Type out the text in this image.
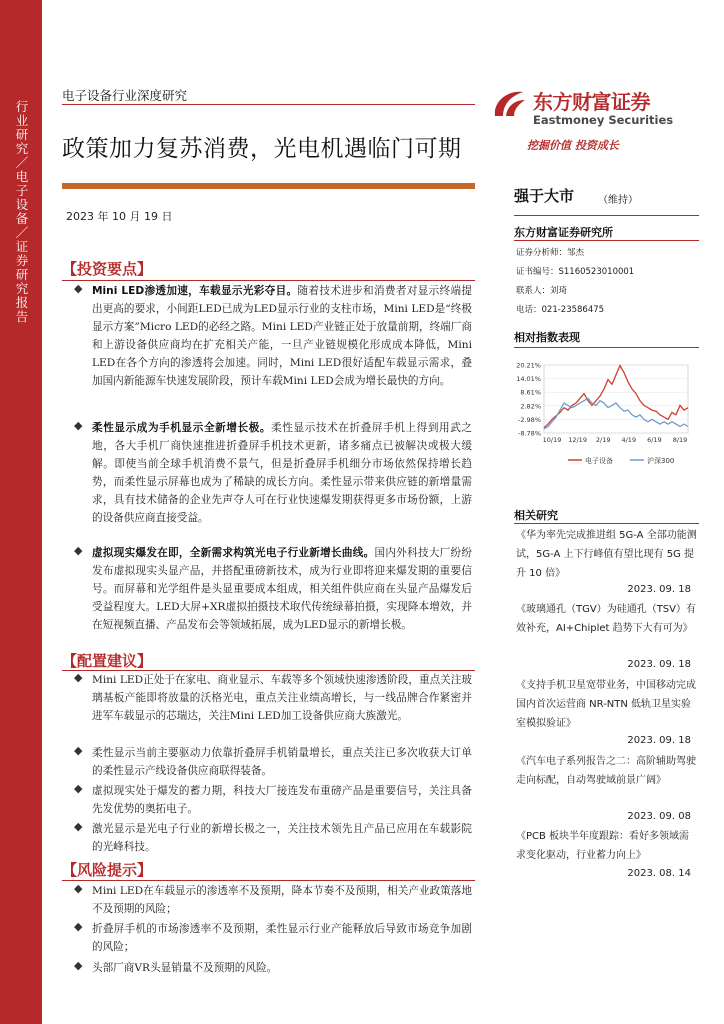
行业研究／电子设备／证券研究报告
电子设备行业深度研究
政策加力复苏消费，光电机遇临门可期
2023 年 10 月 19 日
【投资要点】
◆ Mini LED渗透加速，车载显示光彩夺目。随着技术进步和消费者对显示终端提出更高的要求，小间距LED已成为LED显示行业的支柱市场，Mini LED是“终极显示方案”Micro LED的必经之路。Mini LED产业链正处于放量前期，终端厂商和上游设备供应商均在扩充相关产能，一旦产业链规模化形成成本降低，Mini LED在各个方向的渗透将会加速。同时，Mini LED很好适配车载显示需求，叠加国内新能源车快速发展阶段，预计车载Mini LED会成为增长最快的方向。
◆ 柔性显示成为手机显示全新增长极。柔性显示技术在折叠屏手机上得到用武之地，各大手机厂商快速推进折叠屏手机技术更新，诸多痛点已被解决或极大缓解。即使当前全球手机消费不景气，但是折叠屏手机细分市场依然保持增长趋势，而柔性显示屏幕也成为了稀缺的成长方向。柔性显示带来供应链的新增量需求，具有技术储备的企业先声夺人可在行业快速爆发期获得更多市场份额，上游的设备供应商直接受益。
◆ 虚拟现实爆发在即，全新需求构筑光电子行业新增长曲线。国内外科技大厂纷纷发布虚拟现实头显产品，并搭配重磅新技术，成为行业即将迎来爆发期的重要信号。而屏幕和光学组件是头显重要成本组成，相关组件供应商在头显产品爆发后受益程度大。LED大屏+XR虚拟拍摄技术取代传统绿幕拍摄，实现降本增效，并在短视频直播、产品发布会等领域拓展，成为LED显示的新增长极。
【配置建议】
◆ Mini LED正处于在家电、商业显示、车载等多个领域快速渗透阶段，重点关注玻璃基板产能即将放量的沃格光电，重点关注业绩高增长，与一线品牌合作紧密并进军车载显示的芯瑞达，关注Mini LED加工设备供应商大族激光。
◆ 柔性显示当前主要驱动力依靠折叠屏手机销量增长，重点关注已多次收获大订单的柔性显示产线设备供应商联得装备。
◆ 虚拟现实处于爆发的蓄力期，科技大厂接连发布重磅产品是重要信号，关注具备先发优势的奥拓电子。
◆ 激光显示是光电子行业的新增长极之一，关注技术领先且产品已应用在车载影院的光峰科技。
【风险提示】
◆ Mini LED在车载显示的渗透率不及预期，降本节奏不及预期，相关产业政策落地不及预期的风险；
◆ 折叠屏手机的市场渗透率不及预期，柔性显示行业产能释放后导致市场竞争加剧的风险；
◆ 头部厂商VR头显销量不及预期的风险。
东方财富证券
Eastmoney Securities
挖掘价值 投资成长
强于大市 （维持）
东方财富证券研究所
证券分析师：邹杰
证书编号：S1160523010001
联系人：刘琦
电话：021-23586475
相对指数表现
20.21%
14.01%
8.61%
2.82%
-2.98%
-8.78%
10/19 12/19 2/19 4/19 6/19 8/19
电子设备	沪深300
相关研究
《华为率先完成推进组 5G-A 全部功能测试，5G-A 上下行峰值有望比现有 5G 提升 10 倍》
2023. 09. 18
《玻璃通孔（TGV）为硅通孔（TSV）有效补充，AI+Chiplet 趋势下大有可为》
2023. 09. 18
《支持手机卫星宽带业务，中国移动完成国内首次运营商 NR-NTN 低轨卫星实验室模拟验证》
2023. 09. 18
《汽车电子系列报告之二：高阶辅助驾驶走向标配，自动驾驶域前景广阔》
2023. 09. 08
《PCB 板块半年度跟踪：看好多领域需求变化驱动，行业蓄力向上》
2023. 08. 14
